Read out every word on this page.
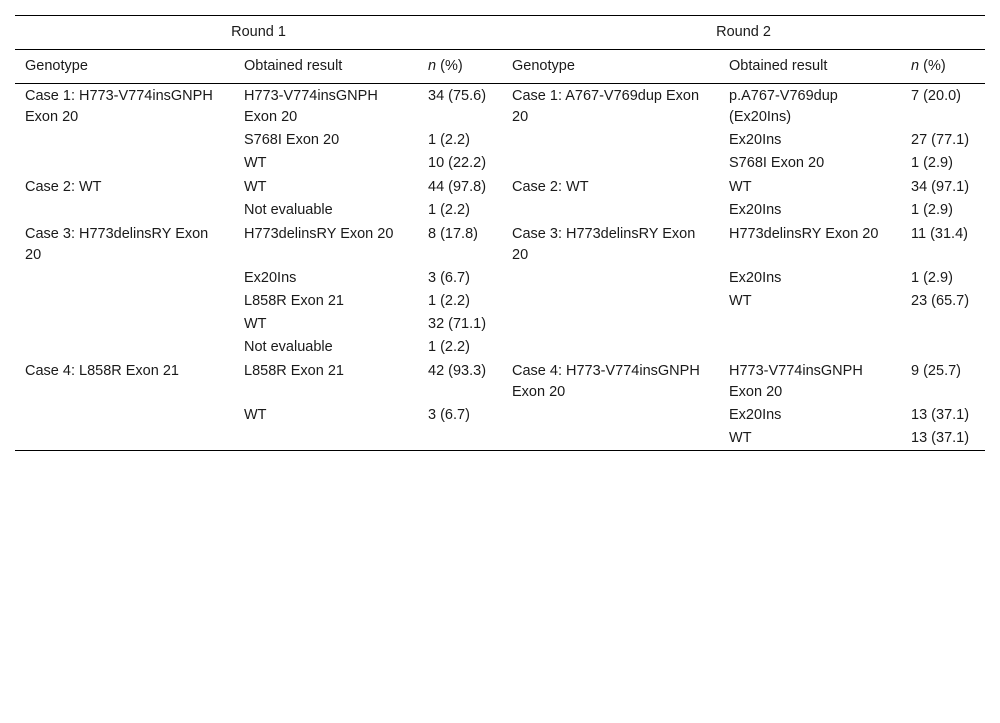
Round 1			Round 2		
Genotype	Obtained result	n (%)	Genotype	Obtained result	n (%)
Case 1: H773-V774insGNPH Exon 20	H773-V774insGNPH Exon 20	34 (75.6)	Case 1: A767-V769dup Exon 20	p.A767-V769dup (Ex20Ins)	7 (20.0)
	S768I Exon 20	1 (2.2)		Ex20Ins	27 (77.1)
	WT	10 (22.2)		S768I Exon 20	1 (2.9)
Case 2: WT	WT	44 (97.8)	Case 2: WT	WT	34 (97.1)
	Not evaluable	1 (2.2)		Ex20Ins	1 (2.9)
Case 3: H773delinsRY Exon 20	H773delinsRY Exon 20	8 (17.8)	Case 3: H773delinsRY Exon 20	H773delinsRY Exon 20	11 (31.4)
	Ex20Ins	3 (6.7)		Ex20Ins	1 (2.9)
	L858R Exon 21	1 (2.2)		WT	23 (65.7)
	WT	32 (71.1)			
	Not evaluable	1 (2.2)			
Case 4: L858R Exon 21	L858R Exon 21	42 (93.3)	Case 4: H773-V774insGNPH Exon 20	H773-V774insGNPH Exon 20	9 (25.7)
	WT	3 (6.7)		Ex20Ins	13 (37.1)
				WT	13 (37.1)
